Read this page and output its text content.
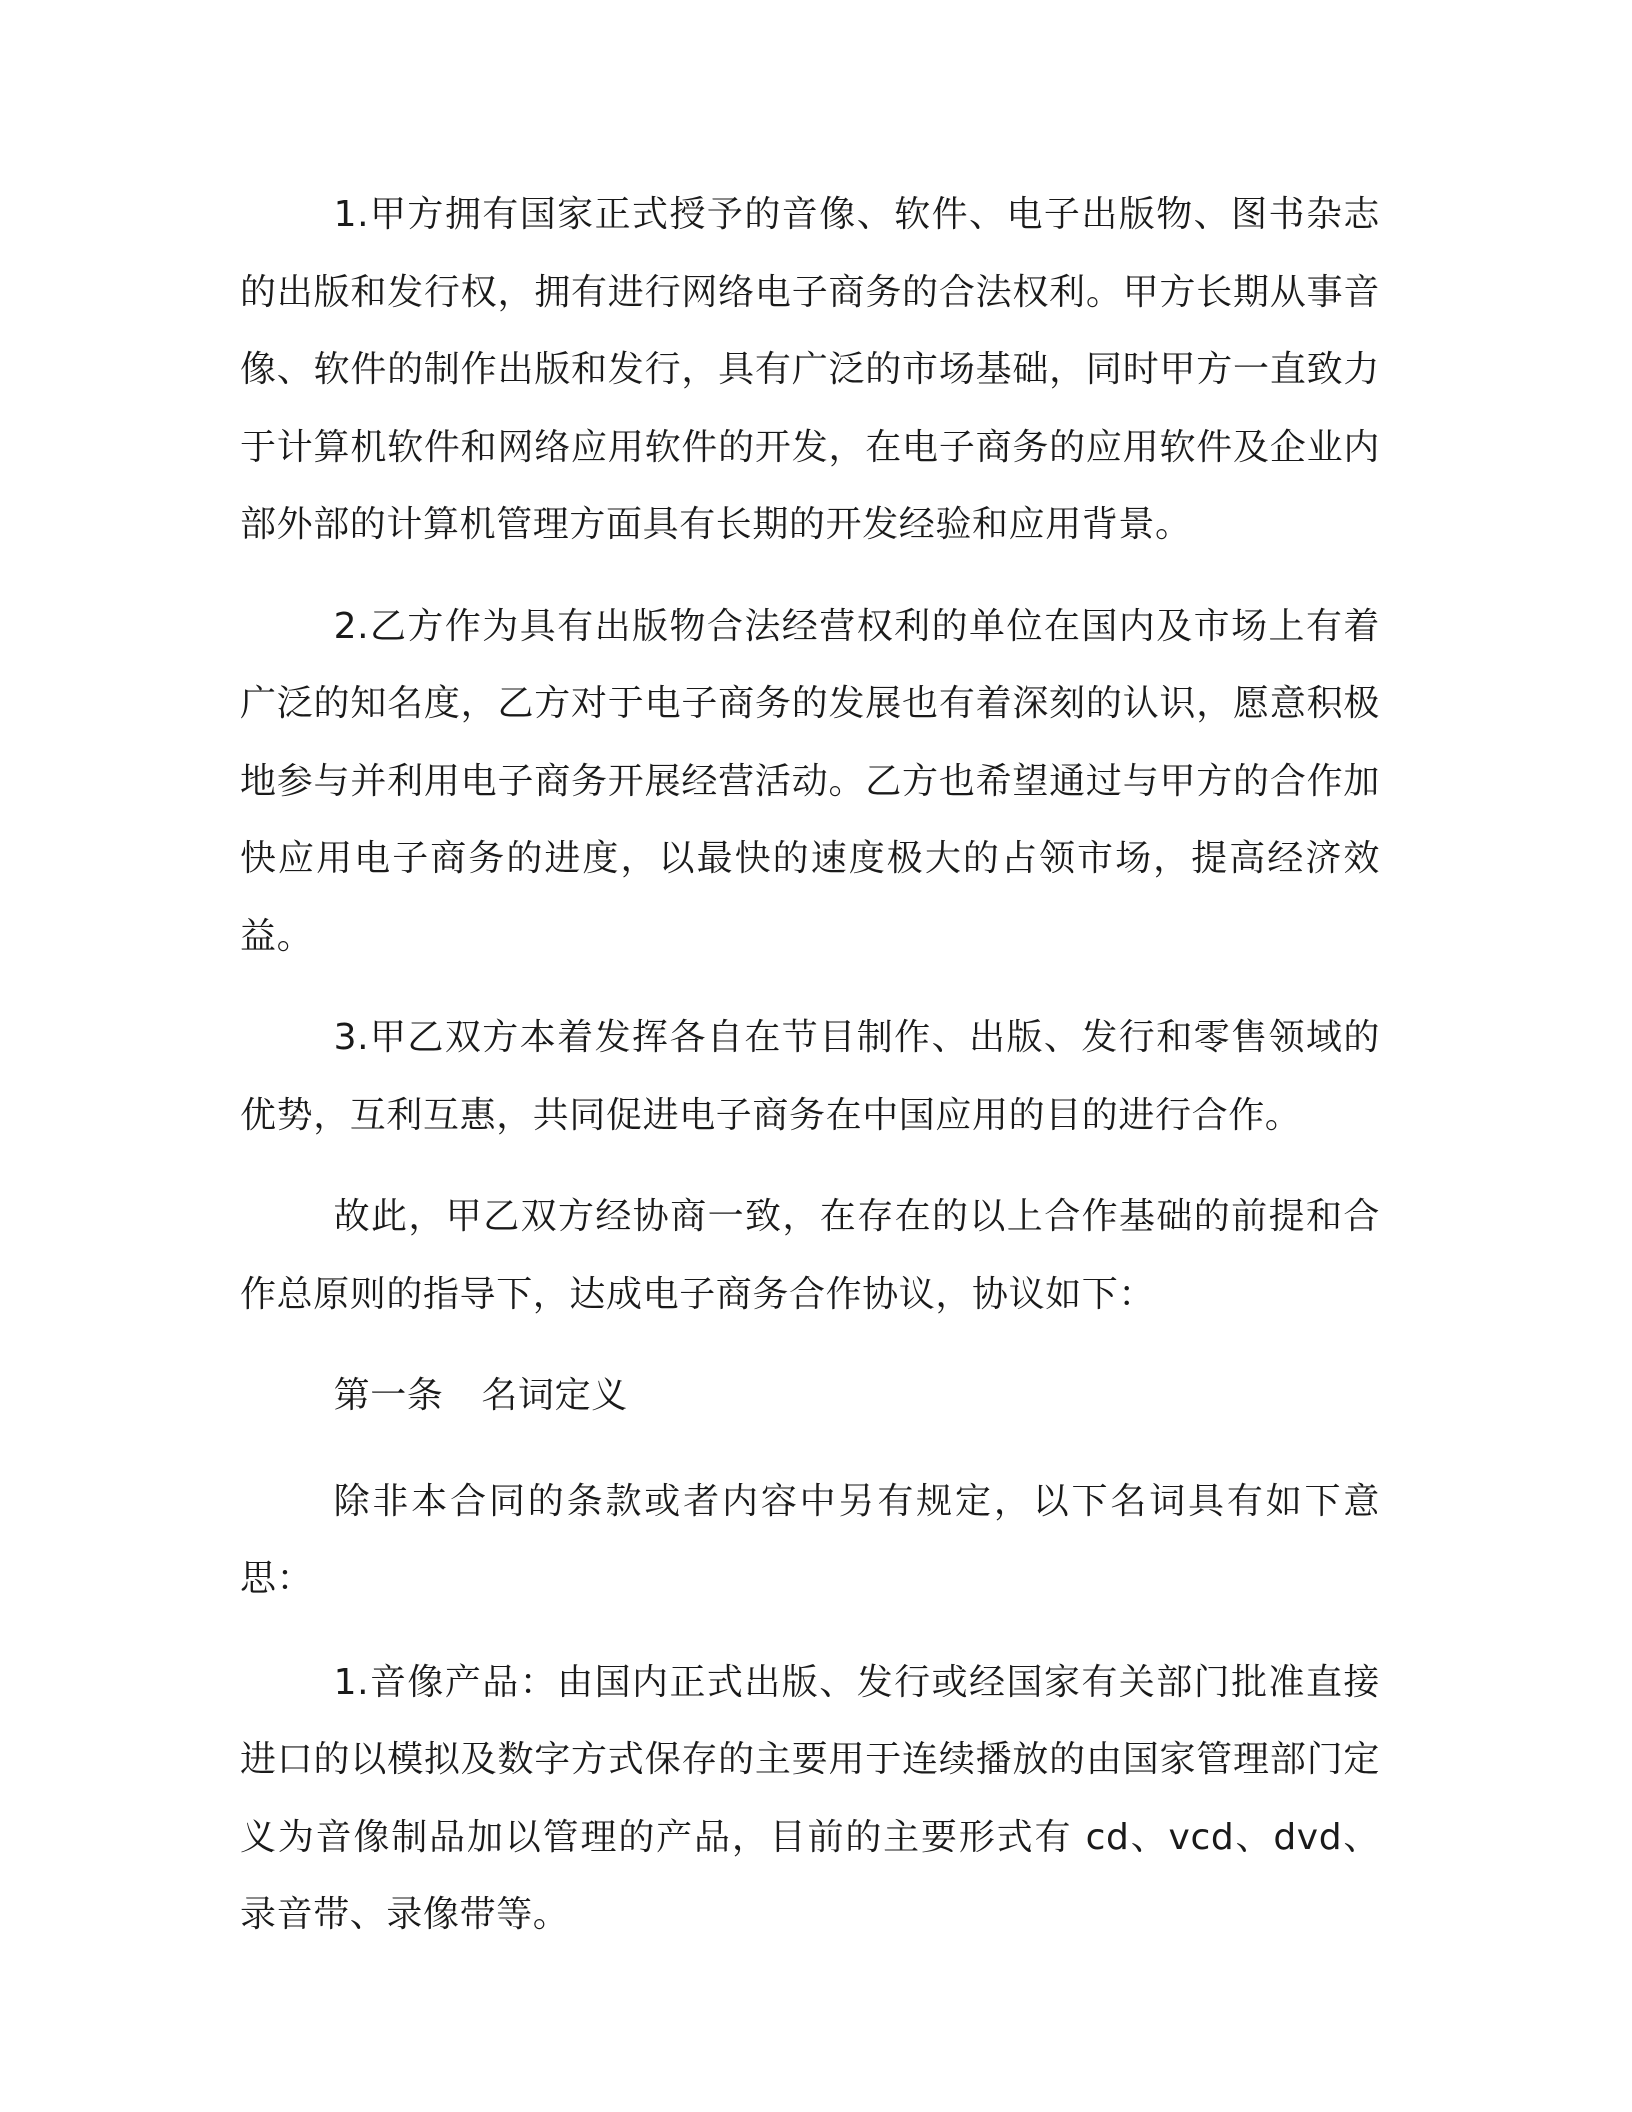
1.甲方拥有国家正式授予的音像、软件、电子出版物、图书杂志的出版和发行权，拥有进行网络电子商务的合法权利。甲方长期从事音像、软件的制作出版和发行，具有广泛的市场基础，同时甲方一直致力于计算机软件和网络应用软件的开发，在电子商务的应用软件及企业内部外部的计算机管理方面具有长期的开发经验和应用背景。

2.乙方作为具有出版物合法经营权利的单位在国内及市场上有着广泛的知名度，乙方对于电子商务的发展也有着深刻的认识，愿意积极地参与并利用电子商务开展经营活动。乙方也希望通过与甲方的合作加快应用电子商务的进度，以最快的速度极大的占领市场，提高经济效益。

3.甲乙双方本着发挥各自在节目制作、出版、发行和零售领域的优势，互利互惠，共同促进电子商务在中国应用的目的进行合作。

故此，甲乙双方经协商一致，在存在的以上合作基础的前提和合作总原则的指导下，达成电子商务合作协议，协议如下：

第一条 名词定义

除非本合同的条款或者内容中另有规定，以下名词具有如下意思：

1.音像产品：由国内正式出版、发行或经国家有关部门批准直接进口的以模拟及数字方式保存的主要用于连续播放的由国家管理部门定义为音像制品加以管理的产品，目前的主要形式有 cd、vcd、dvd、录音带、录像带等。
